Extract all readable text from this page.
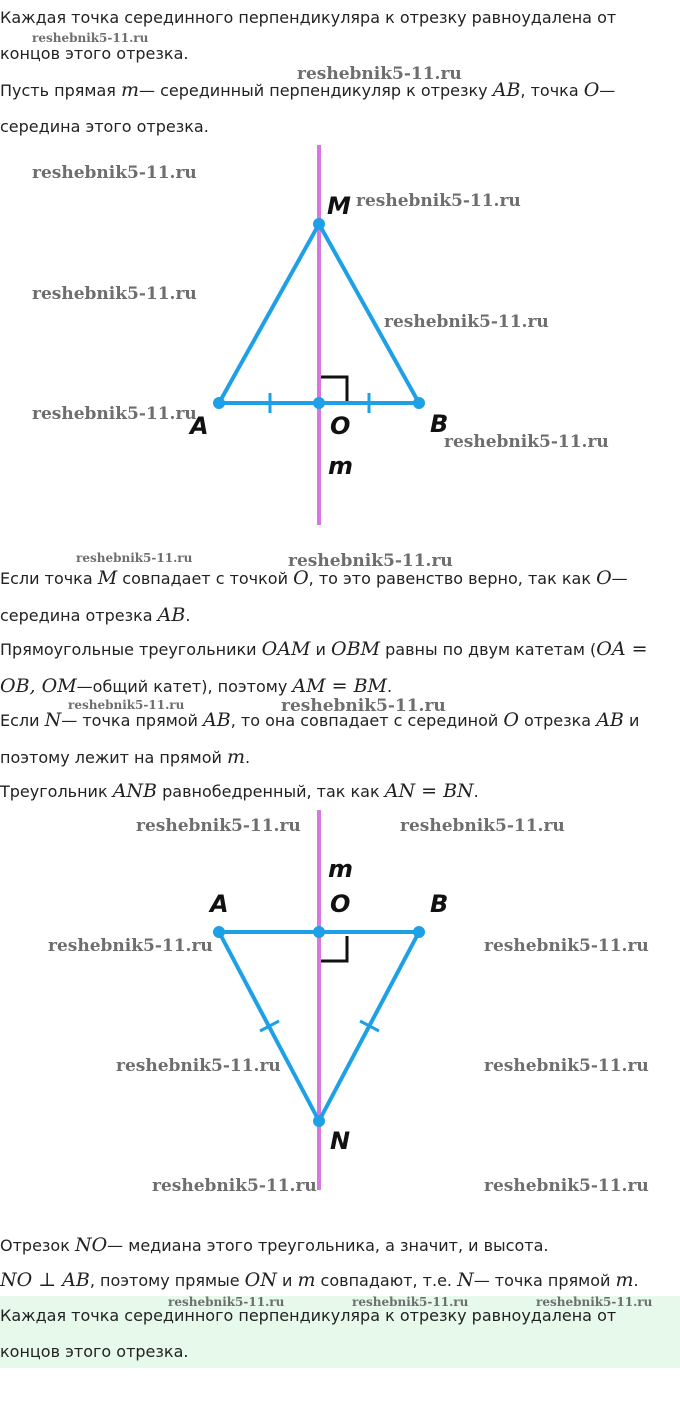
Каждая точка серединного перпендикуляра к отрезку равноудалена от концов этого отрезка.

Пусть прямая m— серединный перпендикуляр к отрезку AB, точка O— середина этого отрезка.

M
A	O	B
m

Если точка M совпадает с точкой O, то это равенство верно, так как O— середина отрезка AB.

Прямоугольные треугольники OAM и OBM равны по двум катетам (OA = OB, OM—общий катет), поэтому AM = BM.

Если N— точка прямой AB, то она совпадает с серединой O отрезка AB и поэтому лежит на прямой m.

Треугольник ANB равнобедренный, так как AN = BN.

m
A	O	B
N

Отрезок NO— медиана этого треугольника, а значит, и высота.

NO ⊥ AB, поэтому прямые ON и m совпадают, т.е. N— точка прямой m.

Каждая точка серединного перпендикуляра к отрезку равноудалена от концов этого отрезка.

reshebnik5-11.ru
reshebnik5-11.ru
reshebnik5-11.ru
reshebnik5-11.ru
reshebnik5-11.ru
reshebnik5-11.ru
reshebnik5-11.ru
reshebnik5-11.ru
reshebnik5-11.ru	reshebnik5-11.ru
reshebnik5-11.ru	reshebnik5-11.ru
reshebnik5-11.ru	reshebnik5-11.ru
reshebnik5-11.ru	reshebnik5-11.ru
reshebnik5-11.ru	reshebnik5-11.ru
reshebnik5-11.ru	reshebnik5-11.ru
reshebnik5-11.ru	reshebnik5-11.ru	reshebnik5-11.ru
